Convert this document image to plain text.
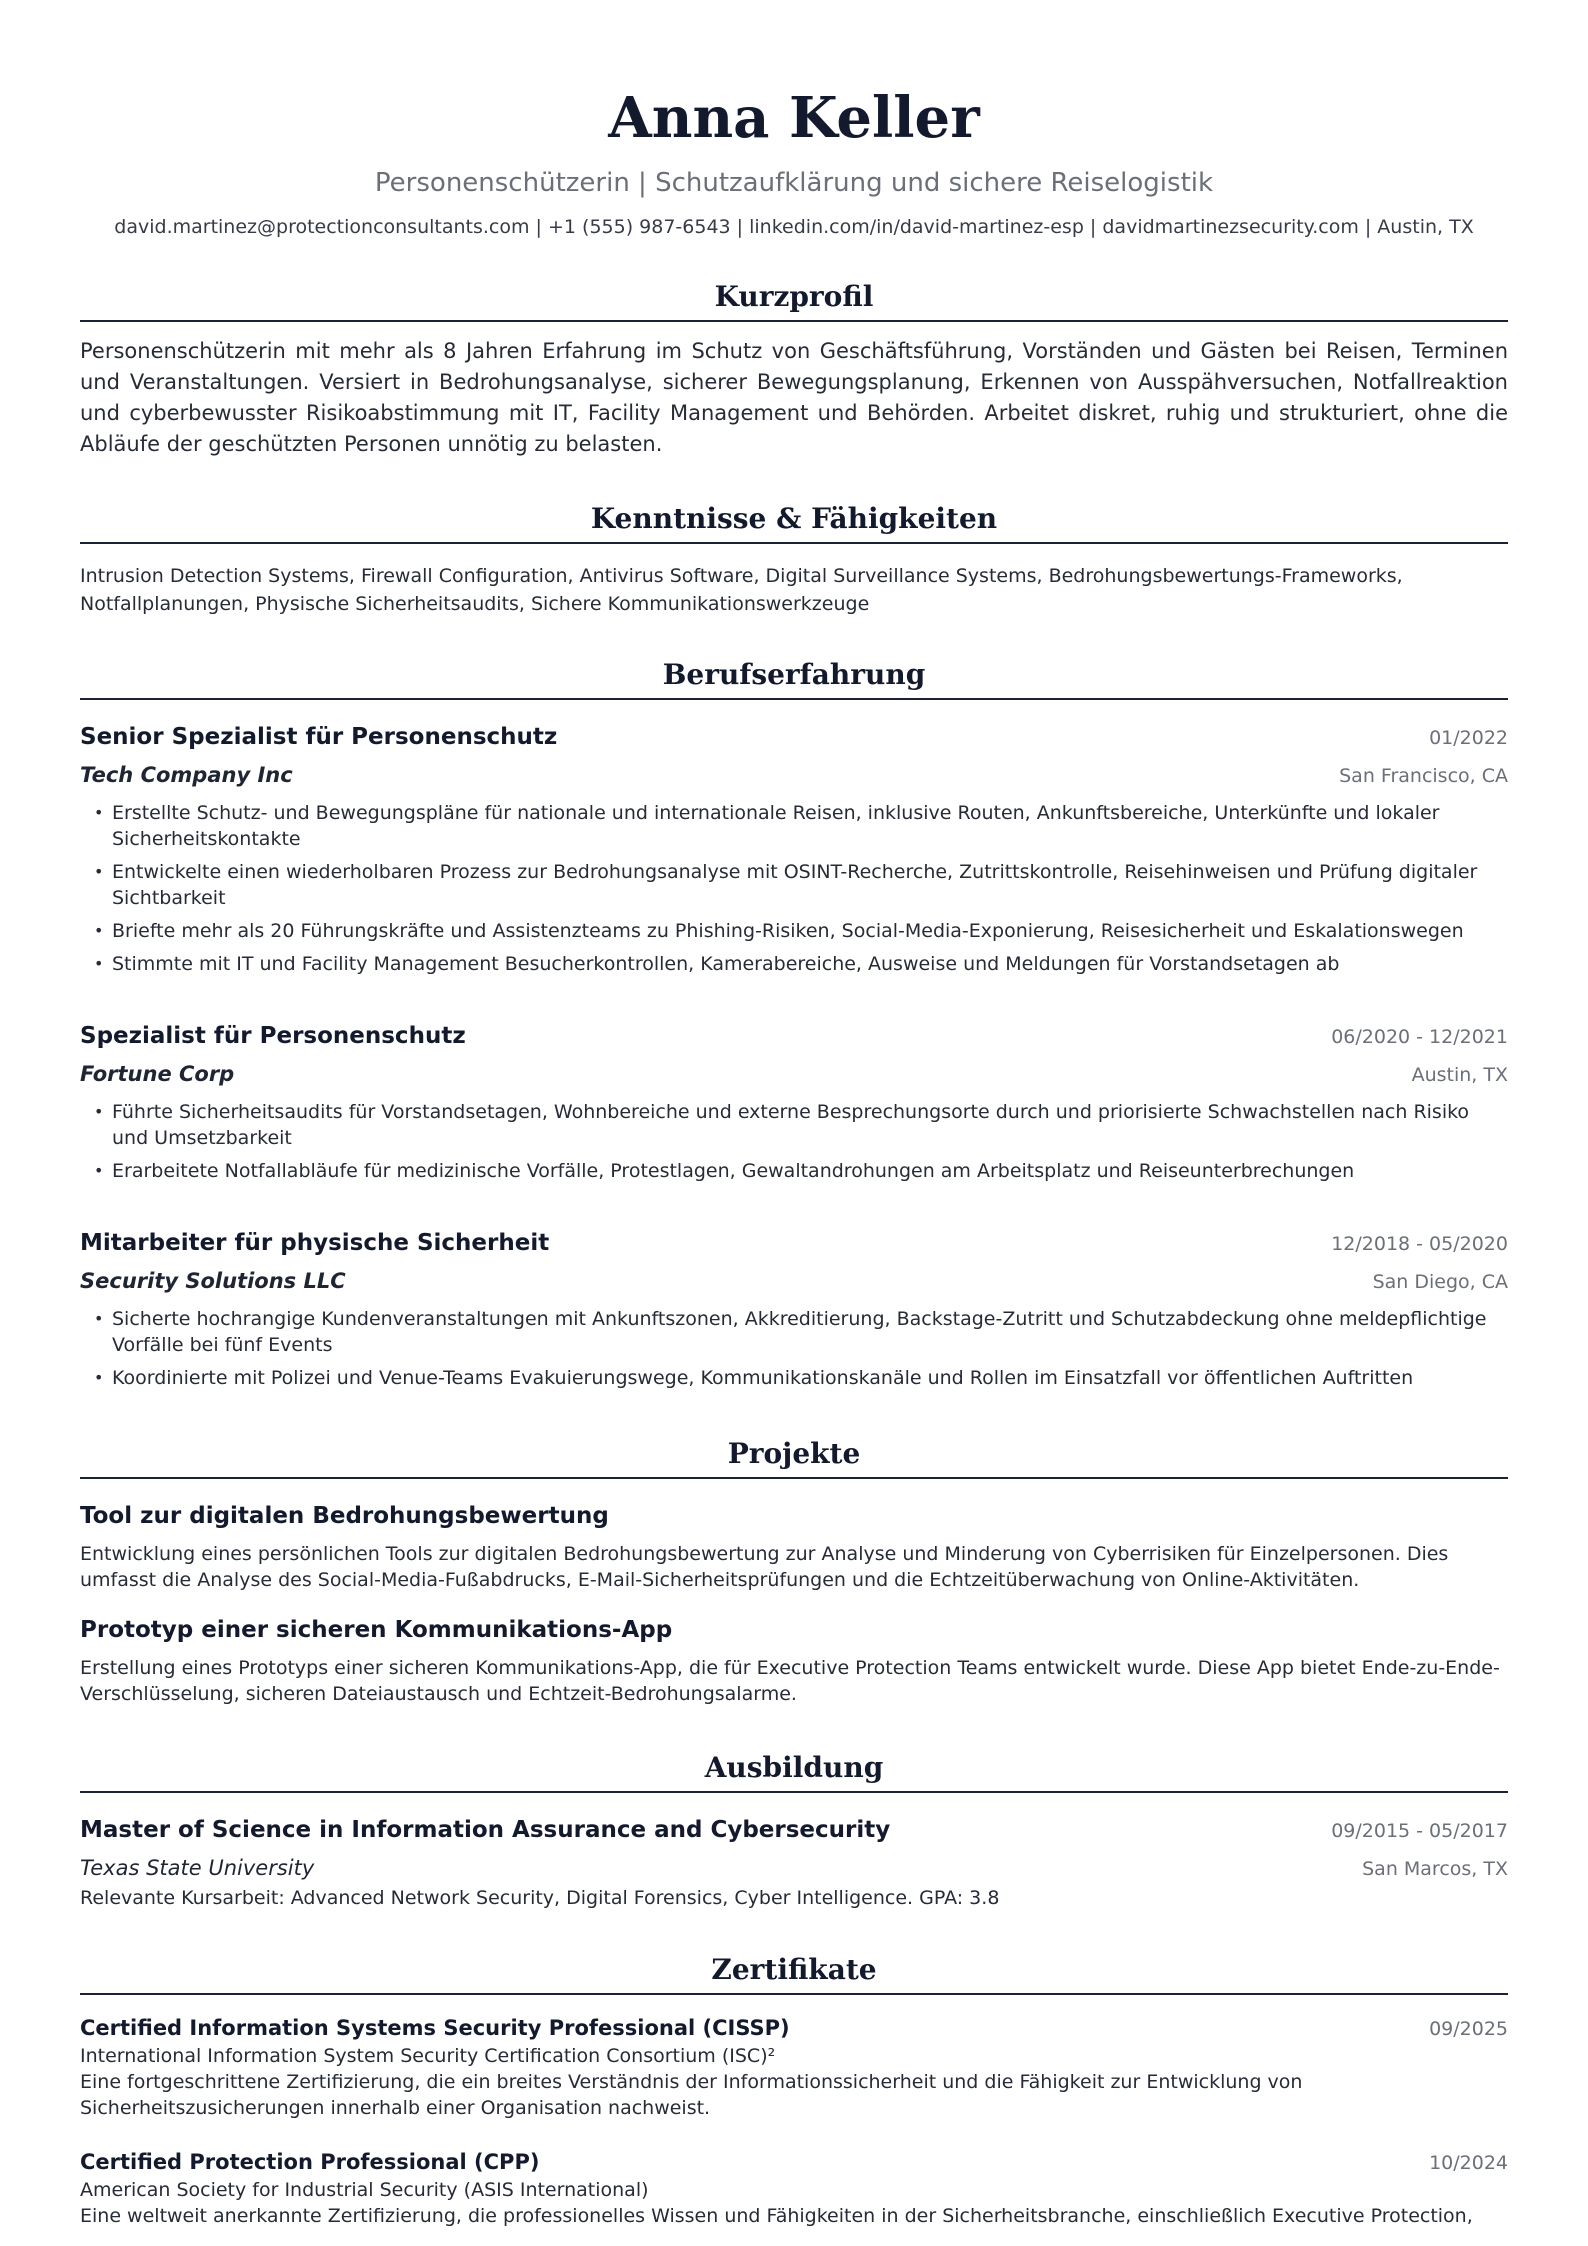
Anna Keller
Personenschützerin | Schutzaufklärung und sichere Reiselogistik
david.martinez@protectionconsultants.com | +1 (555) 987-6543 | linkedin.com/in/david-martinez-esp | davidmartinezsecurity.com | Austin, TX
Kurzprofil
Personenschützerin mit mehr als 8 Jahren Erfahrung im Schutz von Geschäftsführung, Vorständen und Gästen bei Reisen, Terminen und Veranstaltungen. Versiert in Bedrohungsanalyse, sicherer Bewegungsplanung, Erkennen von Ausspähversuchen, Notfallreaktion und cyberbewusster Risikoabstimmung mit IT, Facility Management und Behörden. Arbeitet diskret, ruhig und strukturiert, ohne die Abläufe der geschützten Personen unnötig zu belasten.
Kenntnisse & Fähigkeiten
Intrusion Detection Systems, Firewall Configuration, Antivirus Software, Digital Surveillance Systems, Bedrohungsbewertungs-Frameworks, Notfallplanungen, Physische Sicherheitsaudits, Sichere Kommunikationswerkzeuge
Berufserfahrung
Senior Spezialist für Personenschutz	01/2022
Tech Company Inc	San Francisco, CA
• Erstellte Schutz- und Bewegungspläne für nationale und internationale Reisen, inklusive Routen, Ankunftsbereiche, Unterkünfte und lokaler Sicherheitskontakte
• Entwickelte einen wiederholbaren Prozess zur Bedrohungsanalyse mit OSINT-Recherche, Zutrittskontrolle, Reisehinweisen und Prüfung digitaler Sichtbarkeit
• Briefte mehr als 20 Führungskräfte und Assistenzteams zu Phishing-Risiken, Social-Media-Exponierung, Reisesicherheit und Eskalationswegen
• Stimmte mit IT und Facility Management Besucherkontrollen, Kamerabereiche, Ausweise und Meldungen für Vorstandsetagen ab
Spezialist für Personenschutz	06/2020 - 12/2021
Fortune Corp	Austin, TX
• Führte Sicherheitsaudits für Vorstandsetagen, Wohnbereiche und externe Besprechungsorte durch und priorisierte Schwachstellen nach Risiko und Umsetzbarkeit
• Erarbeitete Notfallabläufe für medizinische Vorfälle, Protestlagen, Gewaltandrohungen am Arbeitsplatz und Reiseunterbrechungen
Mitarbeiter für physische Sicherheit	12/2018 - 05/2020
Security Solutions LLC	San Diego, CA
• Sicherte hochrangige Kundenveranstaltungen mit Ankunftszonen, Akkreditierung, Backstage-Zutritt und Schutzabdeckung ohne meldepflichtige Vorfälle bei fünf Events
• Koordinierte mit Polizei und Venue-Teams Evakuierungswege, Kommunikationskanäle und Rollen im Einsatzfall vor öffentlichen Auftritten
Projekte
Tool zur digitalen Bedrohungsbewertung
Entwicklung eines persönlichen Tools zur digitalen Bedrohungsbewertung zur Analyse und Minderung von Cyberrisiken für Einzelpersonen. Dies umfasst die Analyse des Social-Media-Fußabdrucks, E-Mail-Sicherheitsprüfungen und die Echtzeitüberwachung von Online-Aktivitäten.
Prototyp einer sicheren Kommunikations-App
Erstellung eines Prototyps einer sicheren Kommunikations-App, die für Executive Protection Teams entwickelt wurde. Diese App bietet Ende-zu-Ende-Verschlüsselung, sicheren Dateiaustausch und Echtzeit-Bedrohungsalarme.
Ausbildung
Master of Science in Information Assurance and Cybersecurity	09/2015 - 05/2017
Texas State University	San Marcos, TX
Relevante Kursarbeit: Advanced Network Security, Digital Forensics, Cyber Intelligence. GPA: 3.8
Zertifikate
Certified Information Systems Security Professional (CISSP)	09/2025
International Information System Security Certification Consortium (ISC)²
Eine fortgeschrittene Zertifizierung, die ein breites Verständnis der Informationssicherheit und die Fähigkeit zur Entwicklung von Sicherheitszusicherungen innerhalb einer Organisation nachweist.
Certified Protection Professional (CPP)	10/2024
American Society for Industrial Security (ASIS International)
Eine weltweit anerkannte Zertifizierung, die professionelles Wissen und Fähigkeiten in der Sicherheitsbranche, einschließlich Executive Protection,
